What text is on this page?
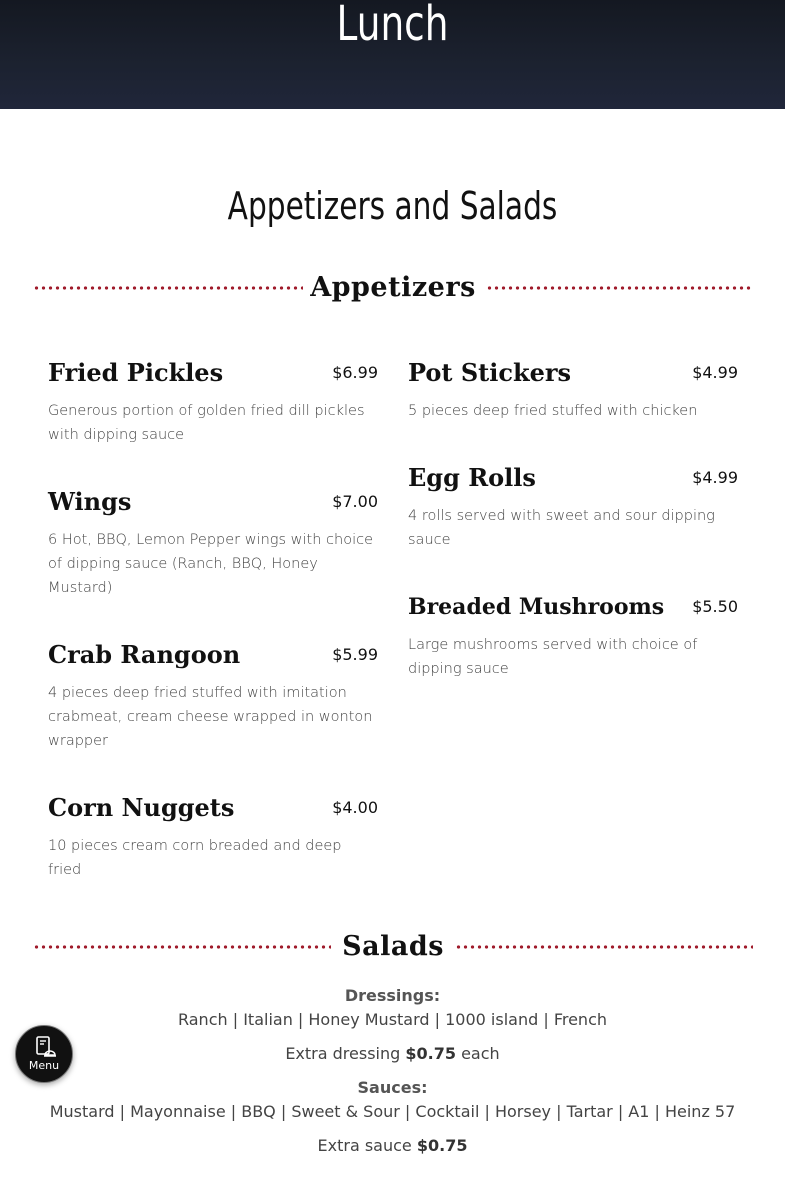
Lunch
Appetizers and Salads
Appetizers
Fried Pickles	$6.99
Generous portion of golden fried dill pickles with dipping sauce
Wings	$7.00
6 Hot, BBQ, Lemon Pepper wings with choice of dipping sauce (Ranch, BBQ, Honey Mustard)
Crab Rangoon	$5.99
4 pieces deep fried stuffed with imitation crabmeat, cream cheese wrapped in wonton wrapper
Corn Nuggets	$4.00
10 pieces cream corn breaded and deep fried
Pot Stickers	$4.99
5 pieces deep fried stuffed with chicken
Egg Rolls	$4.99
4 rolls served with sweet and sour dipping sauce
Breaded Mushrooms $5.50
Large mushrooms served with choice of dipping sauce
Salads
Dressings:
Ranch | Italian | Honey Mustard | 1000 island | French
Extra dressing $0.75 each
Sauces:
Mustard | Mayonnaise | BBQ | Sweet & Sour | Cocktail | Horsey | Tartar | A1 | Heinz 57
Extra sauce $0.75
Menu
